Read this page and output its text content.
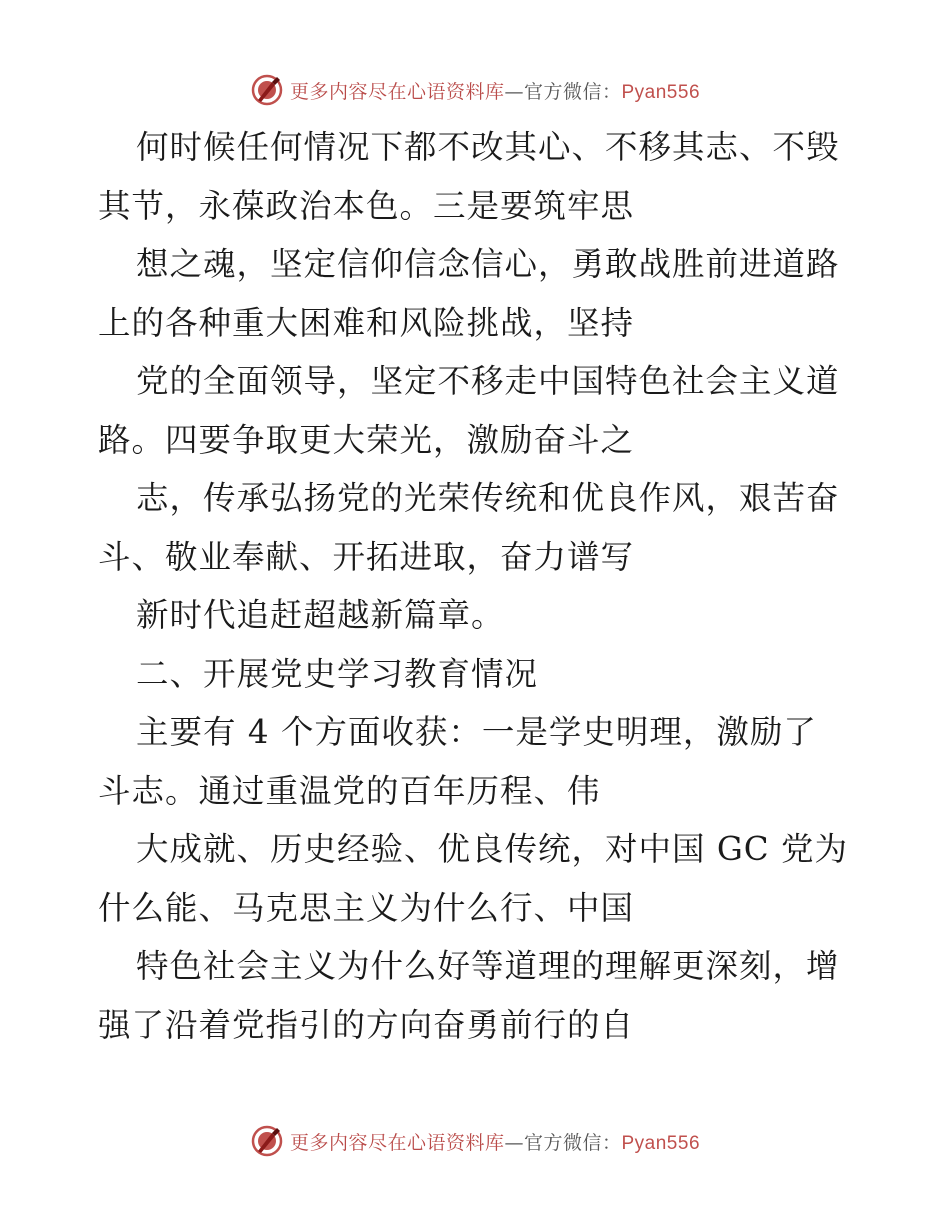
更多内容尽在心语资料库—官方微信：Pyan556
何时候任何情况下都不改其心、不移其志、不毁
其节，永葆政治本色。三是要筑牢思
想之魂，坚定信仰信念信心，勇敢战胜前进道路
上的各种重大困难和风险挑战，坚持
党的全面领导，坚定不移走中国特色社会主义道
路。四要争取更大荣光，激励奋斗之
志，传承弘扬党的光荣传统和优良作风，艰苦奋
斗、敬业奉献、开拓进取，奋力谱写
新时代追赶超越新篇章。
二、开展党史学习教育情况
主要有 4 个方面收获：一是学史明理，激励了
斗志。通过重温党的百年历程、伟
大成就、历史经验、优良传统，对中国 GC 党为
什么能、马克思主义为什么行、中国
特色社会主义为什么好等道理的理解更深刻，增
强了沿着党指引的方向奋勇前行的自
更多内容尽在心语资料库—官方微信：Pyan556
